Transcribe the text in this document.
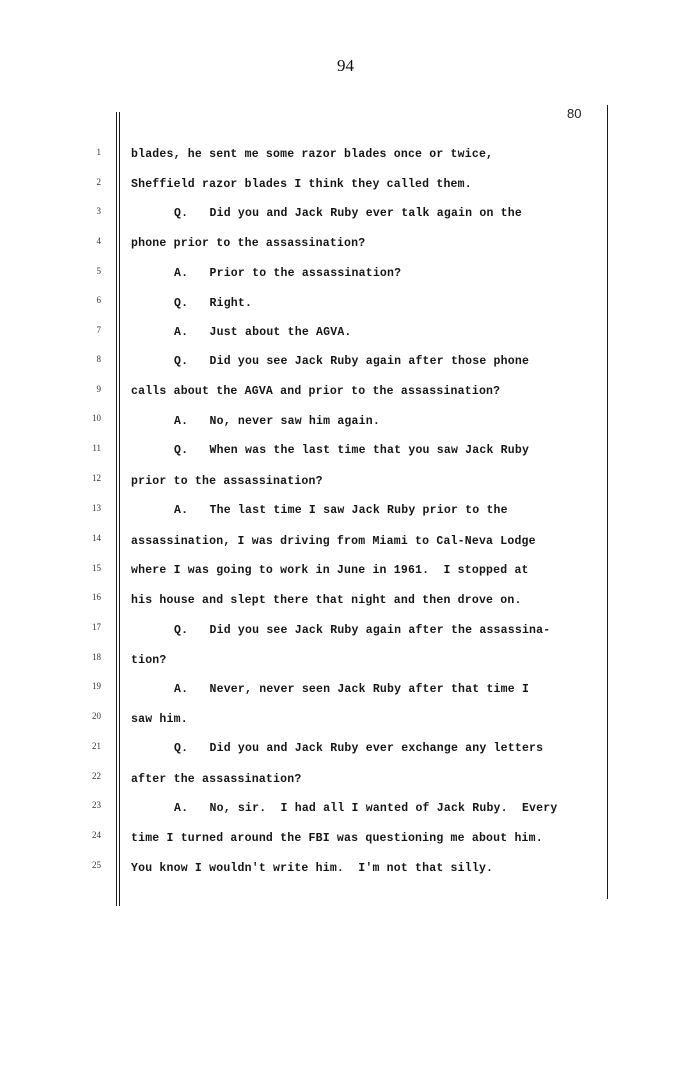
94
80
1	blades, he sent me some razor blades once or twice,
2	Sheffield razor blades I think they called them.
3	Q.   Did you and Jack Ruby ever talk again on the
4	phone prior to the assassination?
5	A.   Prior to the assassination?
6	Q.   Right.
7	A.   Just about the AGVA.
8	Q.   Did you see Jack Ruby again after those phone
9	calls about the AGVA and prior to the assassination?
10	A.   No, never saw him again.
11	Q.   When was the last time that you saw Jack Ruby
12	prior to the assassination?
13	A.   The last time I saw Jack Ruby prior to the
14	assassination, I was driving from Miami to Cal-Neva Lodge
15	where I was going to work in June in 1961.  I stopped at
16	his house and slept there that night and then drove on.
17	Q.   Did you see Jack Ruby again after the assassina-
18	tion?
19	A.   Never, never seen Jack Ruby after that time I
20	saw him.
21	Q.   Did you and Jack Ruby ever exchange any letters
22	after the assassination?
23	A.   No, sir.  I had all I wanted of Jack Ruby.  Every
24	time I turned around the FBI was questioning me about him.
25	You know I wouldn't write him.  I'm not that silly.
